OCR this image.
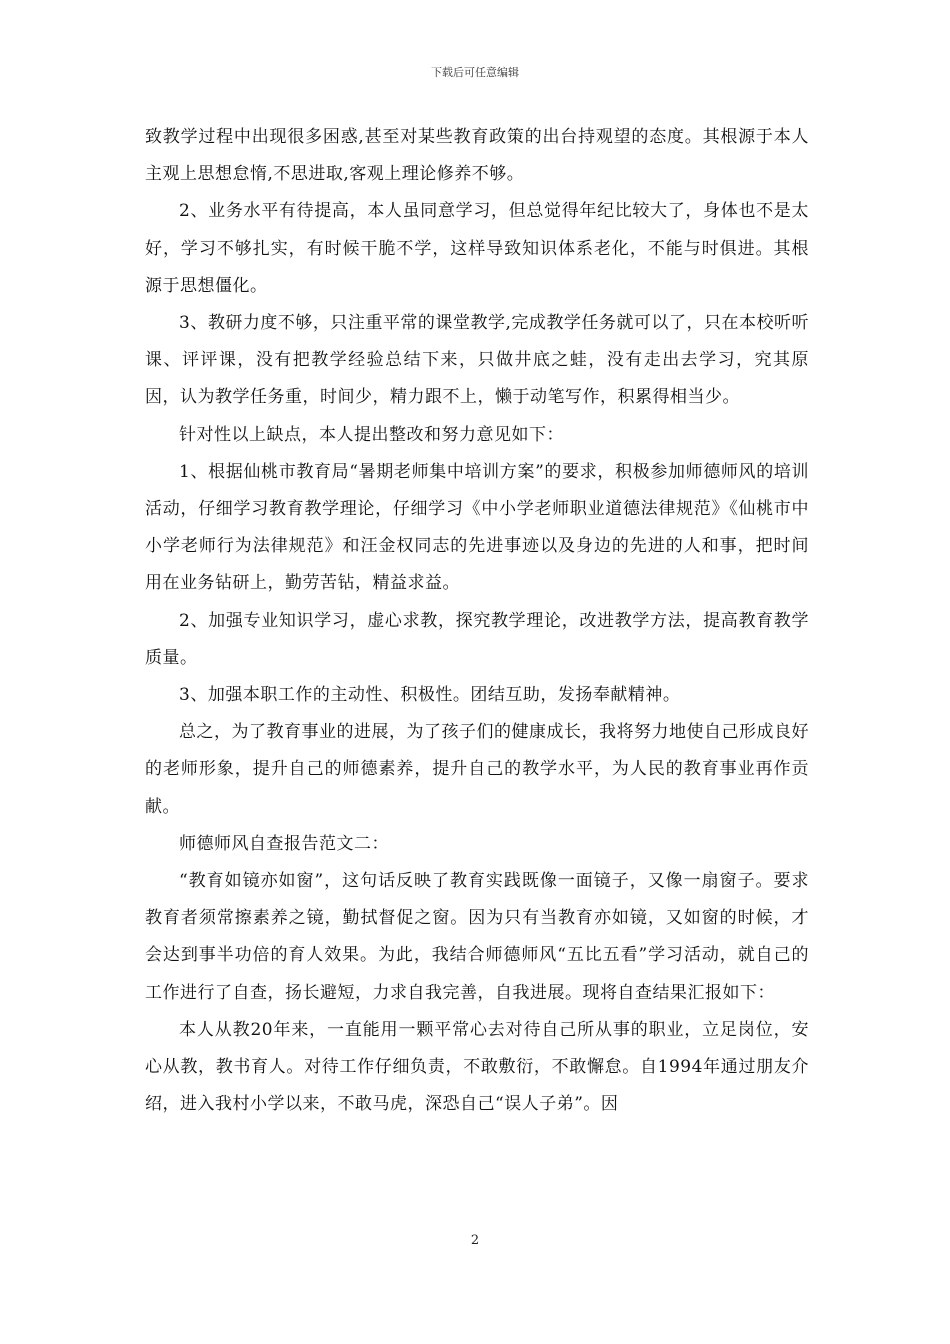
下载后可任意编辑

致教学过程中出现很多困惑,甚至对某些教育政策的出台持观望的态度。其根源于本人主观上思想怠惰,不思进取,客观上理论修养不够。

2、业务水平有待提高，本人虽同意学习，但总觉得年纪比较大了，身体也不是太好，学习不够扎实，有时候干脆不学，这样导致知识体系老化，不能与时俱进。其根源于思想僵化。

3、教研力度不够，只注重平常的课堂教学,完成教学任务就可以了，只在本校听听课、评评课，没有把教学经验总结下来，只做井底之蛙，没有走出去学习，究其原因，认为教学任务重，时间少，精力跟不上，懒于动笔写作，积累得相当少。

针对性以上缺点，本人提出整改和努力意见如下：

1、根据仙桃市教育局“暑期老师集中培训方案”的要求，积极参加师德师风的培训活动，仔细学习教育教学理论，仔细学习《中小学老师职业道德法律规范》《仙桃市中小学老师行为法律规范》和汪金权同志的先进事迹以及身边的先进的人和事，把时间用在业务钻研上，勤劳苦钻，精益求益。

2、加强专业知识学习，虚心求教，探究教学理论，改进教学方法，提高教育教学质量。

3、加强本职工作的主动性、积极性。团结互助，发扬奉献精神。

总之，为了教育事业的进展，为了孩子们的健康成长，我将努力地使自己形成良好的老师形象，提升自己的师德素养，提升自己的教学水平，为人民的教育事业再作贡献。

师德师风自查报告范文二：

“教育如镜亦如窗”，这句话反映了教育实践既像一面镜子，又像一扇窗子。要求教育者须常擦素养之镜，勤拭督促之窗。因为只有当教育亦如镜，又如窗的时候，才会达到事半功倍的育人效果。为此，我结合师德师风“五比五看”学习活动，就自己的工作进行了自查，扬长避短，力求自我完善，自我进展。现将自查结果汇报如下：

本人从教20年来，一直能用一颗平常心去对待自己所从事的职业，立足岗位，安心从教，教书育人。对待工作仔细负责，不敢敷衍，不敢懈怠。自1994年通过朋友介绍，进入我村小学以来，不敢马虎，深恐自己“误人子弟”。因

2
